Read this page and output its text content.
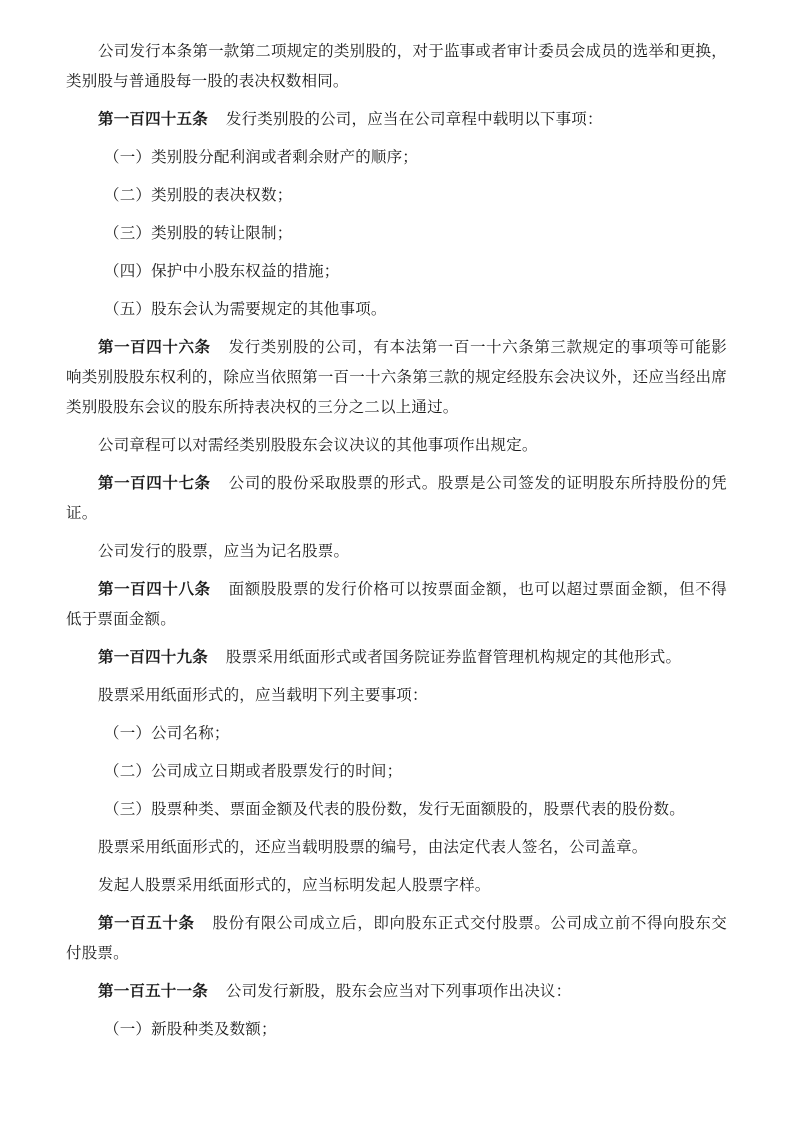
公司发行本条第一款第二项规定的类别股的，对于监事或者审计委员会成员的选举和更换，类别股与普通股每一股的表决权数相同。

第一百四十五条 发行类别股的公司，应当在公司章程中载明以下事项：

（一）类别股分配利润或者剩余财产的顺序；

（二）类别股的表决权数；

（三）类别股的转让限制；

（四）保护中小股东权益的措施；

（五）股东会认为需要规定的其他事项。

第一百四十六条 发行类别股的公司，有本法第一百一十六条第三款规定的事项等可能影响类别股股东权利的，除应当依照第一百一十六条第三款的规定经股东会决议外，还应当经出席类别股股东会议的股东所持表决权的三分之二以上通过。

公司章程可以对需经类别股股东会议决议的其他事项作出规定。

第一百四十七条 公司的股份采取股票的形式。股票是公司签发的证明股东所持股份的凭证。

公司发行的股票，应当为记名股票。

第一百四十八条 面额股股票的发行价格可以按票面金额，也可以超过票面金额，但不得低于票面金额。

第一百四十九条 股票采用纸面形式或者国务院证券监督管理机构规定的其他形式。

股票采用纸面形式的，应当载明下列主要事项：

（一）公司名称；

（二）公司成立日期或者股票发行的时间；

（三）股票种类、票面金额及代表的股份数，发行无面额股的，股票代表的股份数。

股票采用纸面形式的，还应当载明股票的编号，由法定代表人签名，公司盖章。

发起人股票采用纸面形式的，应当标明发起人股票字样。

第一百五十条 股份有限公司成立后，即向股东正式交付股票。公司成立前不得向股东交付股票。

第一百五十一条 公司发行新股，股东会应当对下列事项作出决议：

（一）新股种类及数额；
